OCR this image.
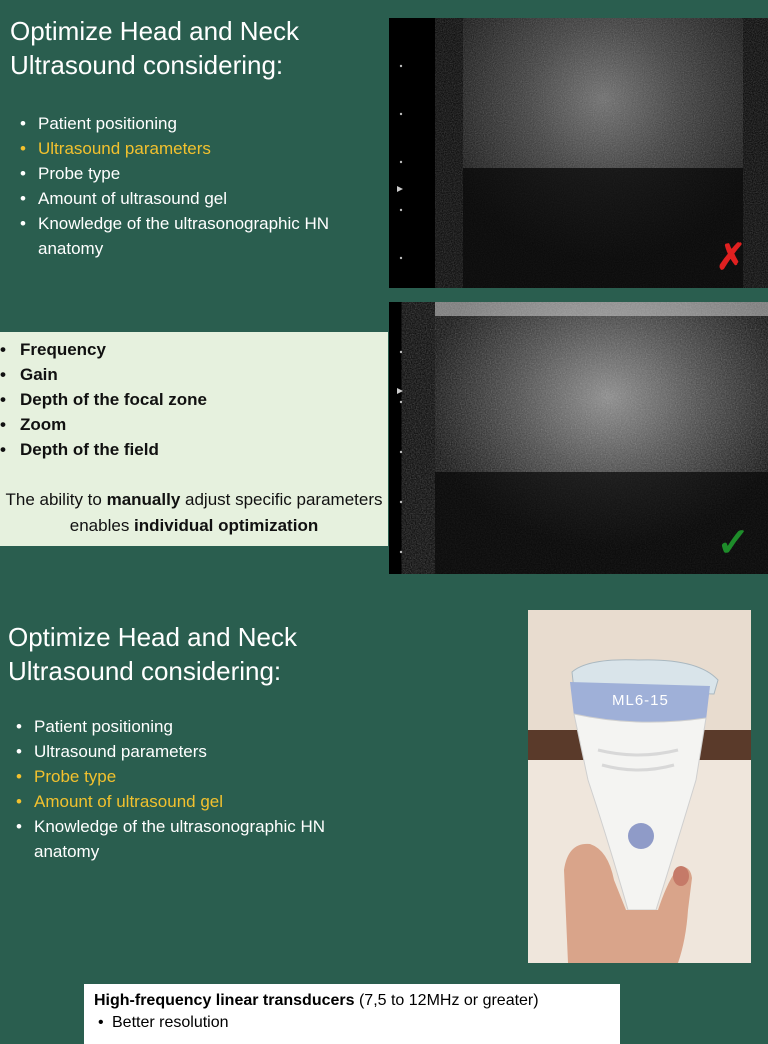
Optimize Head and Neck

Ultrasound considering:

• Patient positioning
• Ultrasound parameters
• Probe type
• Amount of ultrasound gel
• Knowledge of the ultrasonographic HN anatomy	✗
• Frequency
• Gain
• Depth of the focal zone
• Zoom
• Depth of the field

The ability to manually adjust specific parameters enables individual optimization	✓

Optimize Head and Neck

Ultrasound considering:

• Patient positioning
• Ultrasound parameters
• Probe type
• Amount of ultrasound gel
• Knowledge of the ultrasonographic HN anatomy
ML6-15

High-frequency linear transducers (7,5 to 12MHz or greater)

• Better resolution
